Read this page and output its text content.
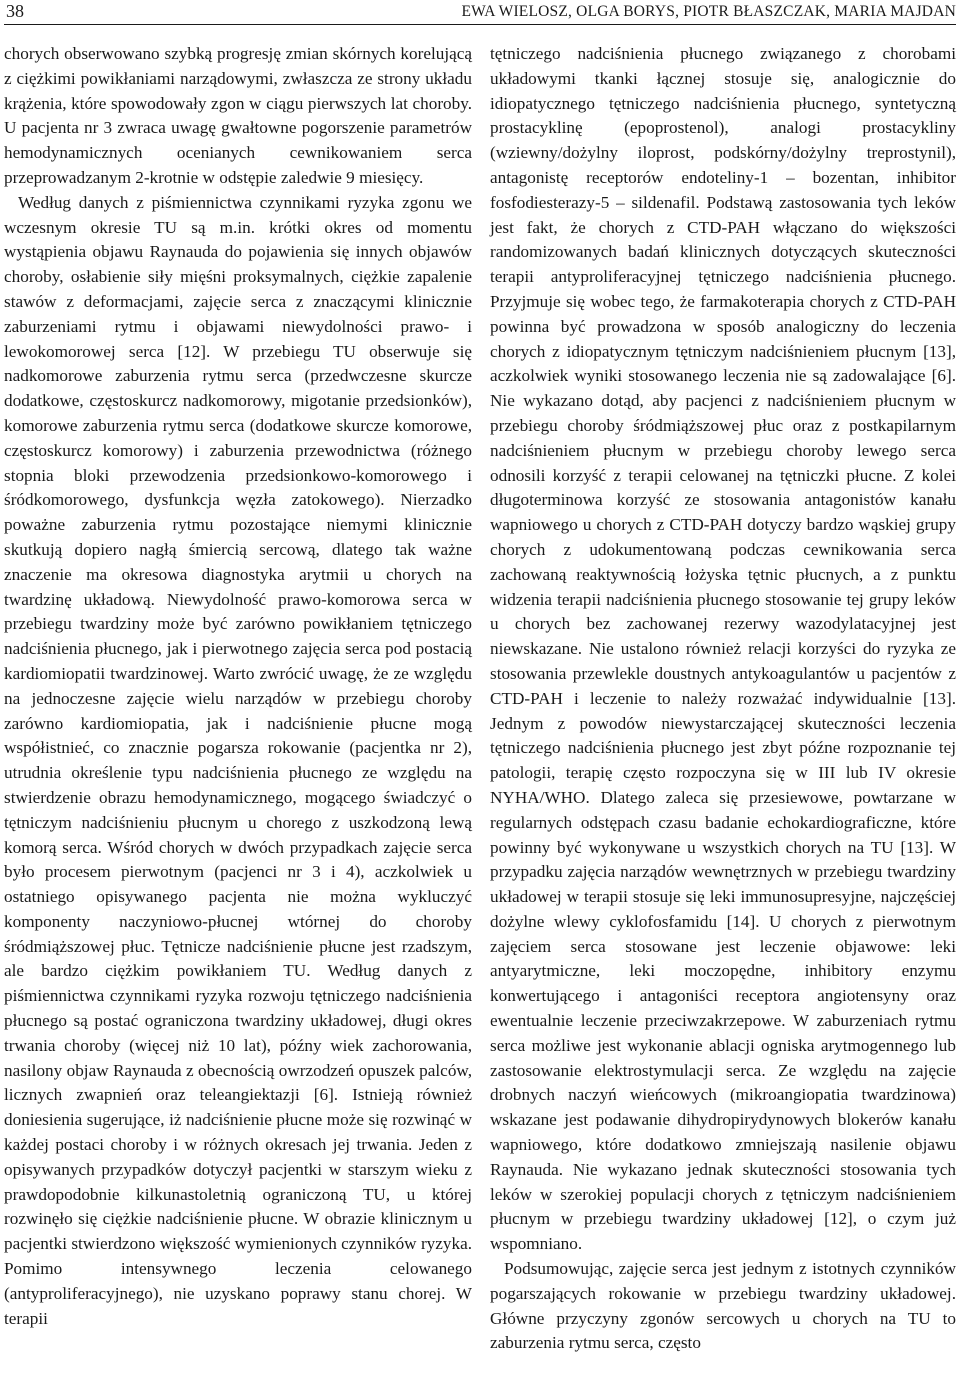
38	EWA WIELOSZ, OLGA BORYS, PIOTR BŁASZCZAK, MARIA MAJDAN

chorych obserwowano szybką progresję zmian skórnych korelującą z ciężkimi powikłaniami narządowymi, zwłaszcza ze strony układu krążenia, które spowodowały zgon w ciągu pierwszych lat choroby. U pacjenta nr 3 zwraca uwagę gwałtowne pogorszenie parametrów hemodynamicznych ocenianych cewnikowaniem serca przeprowadzanym 2-krotnie w odstępie zaledwie 9 miesięcy.

Według danych z piśmiennictwa czynnikami ryzyka zgonu we wczesnym okresie TU są m.in. krótki okres od momentu wystąpienia objawu Raynauda do pojawienia się innych objawów choroby, osłabienie siły mięśni proksymalnych, ciężkie zapalenie stawów z deformacjami, zajęcie serca z znaczącymi klinicznie zaburzeniami rytmu i objawami niewydolności prawo- i lewokomorowej serca [12]. W przebiegu TU obserwuje się nadkomorowe zaburzenia rytmu serca (przedwczesne skurcze dodatkowe, częstoskurcz nadkomorowy, migotanie przedsionków), komorowe zaburzenia rytmu serca (dodatkowe skurcze komorowe, częstoskurcz komorowy) i zaburzenia przewodnictwa (różnego stopnia bloki przewodzenia przedsionkowo-komorowego i śródkomorowego, dysfunkcja węzła zatokowego). Nierzadko poważne zaburzenia rytmu pozostające niemymi klinicznie skutkują dopiero nagłą śmiercią sercową, dlatego tak ważne znaczenie ma okresowa diagnostyka arytmii u chorych na twardzinę układową. Niewydolność prawo-komorowa serca w przebiegu twardziny może być zarówno powikłaniem tętniczego nadciśnienia płucnego, jak i pierwotnego zajęcia serca pod postacią kardiomiopatii twardzinowej. Warto zwrócić uwagę, że ze względu na jednoczesne zajęcie wielu narządów w przebiegu choroby zarówno kardiomiopatia, jak i nadciśnienie płucne mogą współistnieć, co znacznie pogarsza rokowanie (pacjentka nr 2), utrudnia określenie typu nadciśnienia płucnego ze względu na stwierdzenie obrazu hemodynamicznego, mogącego świadczyć o tętniczym nadciśnieniu płucnym u chorego z uszkodzoną lewą komorą serca. Wśród chorych w dwóch przypadkach zajęcie serca było procesem pierwotnym (pacjenci nr 3 i 4), aczkolwiek u ostatniego opisywanego pacjenta nie można wykluczyć komponenty naczyniowo-płucnej wtórnej do choroby śródmiąższowej płuc. Tętnicze nadciśnienie płucne jest rzadszym, ale bardzo ciężkim powikłaniem TU. Według danych z piśmiennictwa czynnikami ryzyka rozwoju tętniczego nadciśnienia płucnego są postać ograniczona twardziny układowej, długi okres trwania choroby (więcej niż 10 lat), późny wiek zachorowania, nasilony objaw Raynauda z obecnością owrzodzeń opuszek palców, licznych zwapnień oraz teleangiektazji [6]. Istnieją również doniesienia sugerujące, iż nadciśnienie płucne może się rozwinąć w każdej postaci choroby i w różnych okresach jej trwania. Jeden z opisywanych przypadków dotyczył pacjentki w starszym wieku z prawdopodobnie kilkunastoletnią ograniczoną TU, u której rozwinęło się ciężkie nadciśnienie płucne. W obrazie klinicznym u pacjentki stwierdzono większość wymienionych czynników ryzyka. Pomimo intensywnego leczenia celowanego (antyproliferacyjnego), nie uzyskano poprawy stanu chorej. W terapii

tętniczego nadciśnienia płucnego związanego z chorobami układowymi tkanki łącznej stosuje się, analogicznie do idiopatycznego tętniczego nadciśnienia płucnego, syntetyczną prostacyklinę (epoprostenol), analogi prostacykliny (wziewny/dożylny iloprost, podskórny/dożylny treprostynil), antagonistę receptorów endoteliny-1 – bozentan, inhibitor fosfodiesterazy-5 – sildenafil. Podstawą zastosowania tych leków jest fakt, że chorych z CTD-PAH włączano do większości randomizowanych badań klinicznych dotyczących skuteczności terapii antyproliferacyjnej tętniczego nadciśnienia płucnego. Przyjmuje się wobec tego, że farmakoterapia chorych z CTD-PAH powinna być prowadzona w sposób analogiczny do leczenia chorych z idiopatycznym tętniczym nadciśnieniem płucnym [13], aczkolwiek wyniki stosowanego leczenia nie są zadowalające [6]. Nie wykazano dotąd, aby pacjenci z nadciśnieniem płucnym w przebiegu choroby śródmiąższowej płuc oraz z postkapilarnym nadciśnieniem płucnym w przebiegu choroby lewego serca odnosili korzyść z terapii celowanej na tętniczki płucne. Z kolei długoterminowa korzyść ze stosowania antagonistów kanału wapniowego u chorych z CTD-PAH dotyczy bardzo wąskiej grupy chorych z udokumentowaną podczas cewnikowania serca zachowaną reaktywnością łożyska tętnic płucnych, a z punktu widzenia terapii nadciśnienia płucnego stosowanie tej grupy leków u chorych bez zachowanej rezerwy wazodylatacyjnej jest niewskazane. Nie ustalono również relacji korzyści do ryzyka ze stosowania przewlekle doustnych antykoagulantów u pacjentów z CTD-PAH i leczenie to należy rozważać indywidualnie [13]. Jednym z powodów niewystarczającej skuteczności leczenia tętniczego nadciśnienia płucnego jest zbyt późne rozpoznanie tej patologii, terapię często rozpoczyna się w III lub IV okresie NYHA/WHO. Dlatego zaleca się przesiewowe, powtarzane w regularnych odstępach czasu badanie echokardiograficzne, które powinny być wykonywane u wszystkich chorych na TU [13]. W przypadku zajęcia narządów wewnętrznych w przebiegu twardziny układowej w terapii stosuje się leki immunosupresyjne, najczęściej dożylne wlewy cyklofosfamidu [14]. U chorych z pierwotnym zajęciem serca stosowane jest leczenie objawowe: leki antyarytmiczne, leki moczopędne, inhibitory enzymu konwertującego i antagoniści receptora angiotensyny oraz ewentualnie leczenie przeciwzakrzepowe. W zaburzeniach rytmu serca możliwe jest wykonanie ablacji ogniska arytmogennego lub zastosowanie elektrostymulacji serca. Ze względu na zajęcie drobnych naczyń wieńcowych (mikroangiopatia twardzinowa) wskazane jest podawanie dihydropirydynowych blokerów kanału wapniowego, które dodatkowo zmniejszają nasilenie objawu Raynauda. Nie wykazano jednak skuteczności stosowania tych leków w szerokiej populacji chorych z tętniczym nadciśnieniem płucnym w przebiegu twardziny układowej [12], o czym już wspomniano.

Podsumowując, zajęcie serca jest jednym z istotnych czynników pogarszających rokowanie w przebiegu twardziny układowej. Główne przyczyny zgonów sercowych u chorych na TU to zaburzenia rytmu serca, często
